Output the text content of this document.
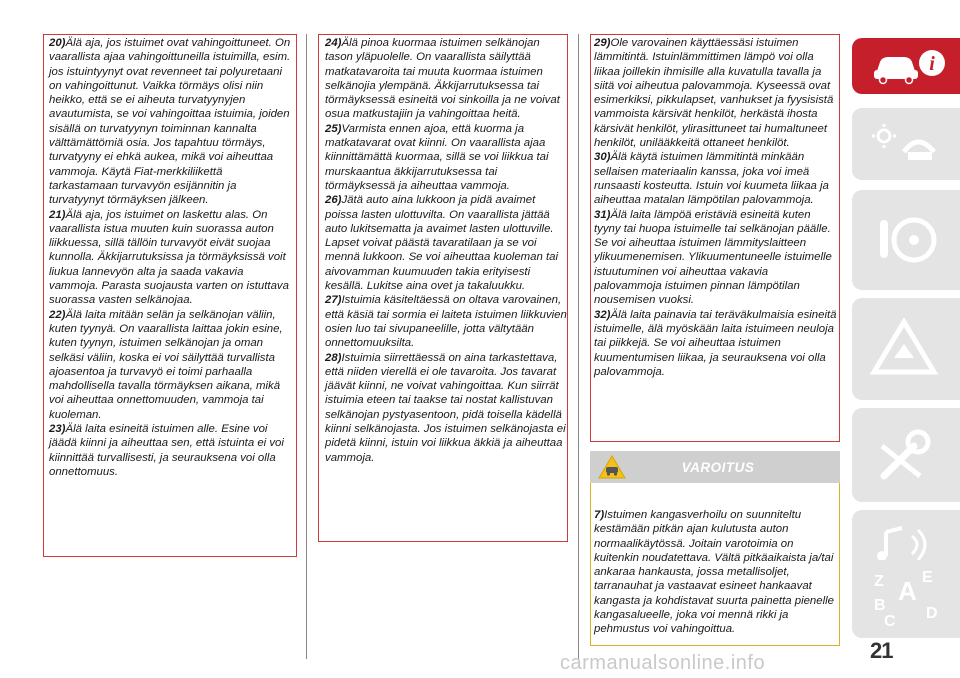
20)Älä aja, jos istuimet ovat vahingoittuneet. On vaarallista ajaa vahingoittuneilla istuimilla, esim. jos istuintyynyt ovat revenneet tai polyuretaani on vahingoittunut. Vaikka törmäys olisi niin heikko, että se ei aiheuta turvatyynyjen avautumista, se voi vahingoittaa istuimia, joiden sisällä on turvatyynyn toiminnan kannalta välttämättömiä osia. Jos tapahtuu törmäys, turvatyyny ei ehkä aukea, mikä voi aiheuttaa vammoja. Käytä Fiat-merkkiliikettä tarkastamaan turvavyön esijännitin ja turvatyynyt törmäyksen jälkeen.

21)Älä aja, jos istuimet on laskettu alas. On vaarallista istua muuten kuin suorassa auton liikkuessa, sillä tällöin turvavyöt eivät suojaa kunnolla. Äkkijarrutuksissa ja törmäyksissä voit liukua lannevyön alta ja saada vakavia vammoja. Parasta suojausta varten on istuttava suorassa vasten selkänojaa.

22)Älä laita mitään selän ja selkänojan väliin, kuten tyynyä. On vaarallista laittaa jokin esine, kuten tyynyn, istuimen selkänojan ja oman selkäsi väliin, koska ei voi säilyttää turvallista ajoasentoa ja turvavyö ei toimi parhaalla mahdollisella tavalla törmäyksen aikana, mikä voi aiheuttaa onnettomuuden, vammoja tai kuoleman.

23)Älä laita esineitä istuimen alle. Esine voi jäädä kiinni ja aiheuttaa sen, että istuinta ei voi kiinnittää turvallisesti, ja seurauksena voi olla onnettomuus.

24)Älä pinoa kuormaa istuimen selkänojan tason yläpuolelle. On vaarallista säilyttää matkatavaroita tai muuta kuormaa istuimen selkänojia ylempänä. Äkkijarrutuksessa tai törmäyksessä esineitä voi sinkoilla ja ne voivat osua matkustajiin ja vahingoittaa heitä.

25)Varmista ennen ajoa, että kuorma ja matkatavarat ovat kiinni. On vaarallista ajaa kiinnittämättä kuormaa, sillä se voi liikkua tai murskaantua äkkijarrutuksessa tai törmäyksessä ja aiheuttaa vammoja.

26)Jätä auto aina lukkoon ja pidä avaimet poissa lasten ulottuvilta. On vaarallista jättää auto lukitsematta ja avaimet lasten ulottuville. Lapset voivat päästä tavaratilaan ja se voi mennä lukkoon. Se voi aiheuttaa kuoleman tai aivovamman kuumuuden takia erityisesti kesällä. Lukitse aina ovet ja takaluukku.

27)Istuimia käsiteltäessä on oltava varovainen, että käsiä tai sormia ei laiteta istuimen liikkuvien osien luo tai sivupaneelille, jotta vältytään onnettomuuksilta.

28)Istuimia siirrettäessä on aina tarkastettava, että niiden vierellä ei ole tavaroita. Jos tavarat jäävät kiinni, ne voivat vahingoittaa. Kun siirrät istuimia eteen tai taakse tai nostat kallistuvan selkänojan pystyasentoon, pidä toisella kädellä kiinni selkänojasta. Jos istuimen selkänojasta ei pidetä kiinni, istuin voi liikkua äkkiä ja aiheuttaa vammoja.

29)Ole varovainen käyttäessäsi istuimen lämmitintä. Istuinlämmittimen lämpö voi olla liikaa joillekin ihmisille alla kuvatulla tavalla ja siitä voi aiheutua palovammoja. Kyseessä ovat esimerkiksi, pikkulapset, vanhukset ja fyysisistä vammoista kärsivät henkilöt, herkästä ihosta kärsivät henkilöt, ylirasittuneet tai humaltuneet henkilöt, unilääkkeitä ottaneet henkilöt.

30)Älä käytä istuimen lämmitintä minkään sellaisen materiaalin kanssa, joka voi imeä runsaasti kosteutta. Istuin voi kuumeta liikaa ja aiheuttaa matalan lämpötilan palovammoja.

31)Älä laita lämpöä eristäviä esineitä kuten tyyny tai huopa istuimelle tai selkänojan päälle. Se voi aiheuttaa istuimen lämmityslaitteen ylikuumenemisen. Ylikuumentuneelle istuimelle istuutuminen voi aiheuttaa vakavia palovammoja istuimen pinnan lämpötilan nousemisen vuoksi.

32)Älä laita painavia tai teräväkulmaisia esineitä istuimelle, älä myöskään laita istuimeen neuloja tai piikkejä. Se voi aiheuttaa istuimen kuumentumisen liikaa, ja seurauksena voi olla palovammoja.

VAROITUS
7)Istuimen kangasverhoilu on suunniteltu kestämään pitkän ajan kulutusta auton normaalikäytössä. Joitain varotoimia on kuitenkin noudatettava. Vältä pitkäaikaista ja/tai ankaraa hankausta, jossa metallisoljet, tarranauhat ja vastaavat esineet hankaavat kangasta ja kohdistavat suurta painetta pienelle kangasalueelle, joka voi mennä rikki ja pehmustus voi vahingoittua.
i
Z E
B A
C D
21
carmanualsonline.info
